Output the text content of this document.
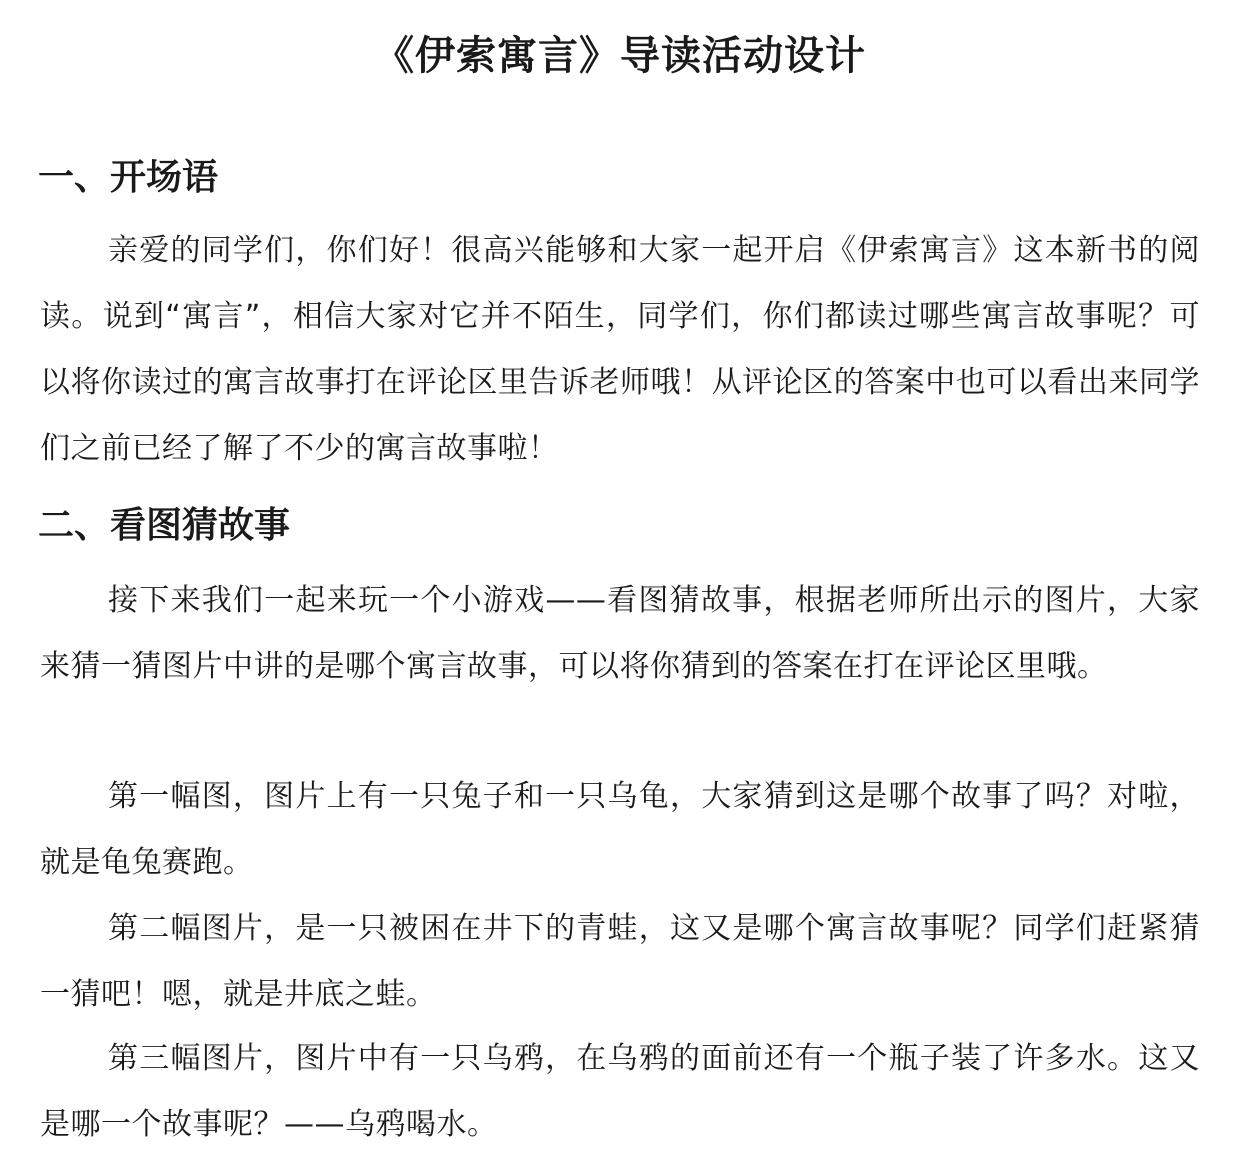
《伊索寓言》导读活动设计
一、开场语
亲爱的同学们，你们好！很高兴能够和大家一起开启《伊索寓言》这本新书的阅读。说到“寓言”，相信大家对它并不陌生，同学们，你们都读过哪些寓言故事呢？可以将你读过的寓言故事打在评论区里告诉老师哦！从评论区的答案中也可以看出来同学们之前已经了解了不少的寓言故事啦！
二、看图猜故事
接下来我们一起来玩一个小游戏——看图猜故事，根据老师所出示的图片，大家来猜一猜图片中讲的是哪个寓言故事，可以将你猜到的答案在打在评论区里哦。
第一幅图，图片上有一只兔子和一只乌龟，大家猜到这是哪个故事了吗？对啦，就是龟兔赛跑。
第二幅图片，是一只被困在井下的青蛙，这又是哪个寓言故事呢？同学们赶紧猜一猜吧！嗯，就是井底之蛙。
第三幅图片，图片中有一只乌鸦，在乌鸦的面前还有一个瓶子装了许多水。这又是哪一个故事呢？——乌鸦喝水。
